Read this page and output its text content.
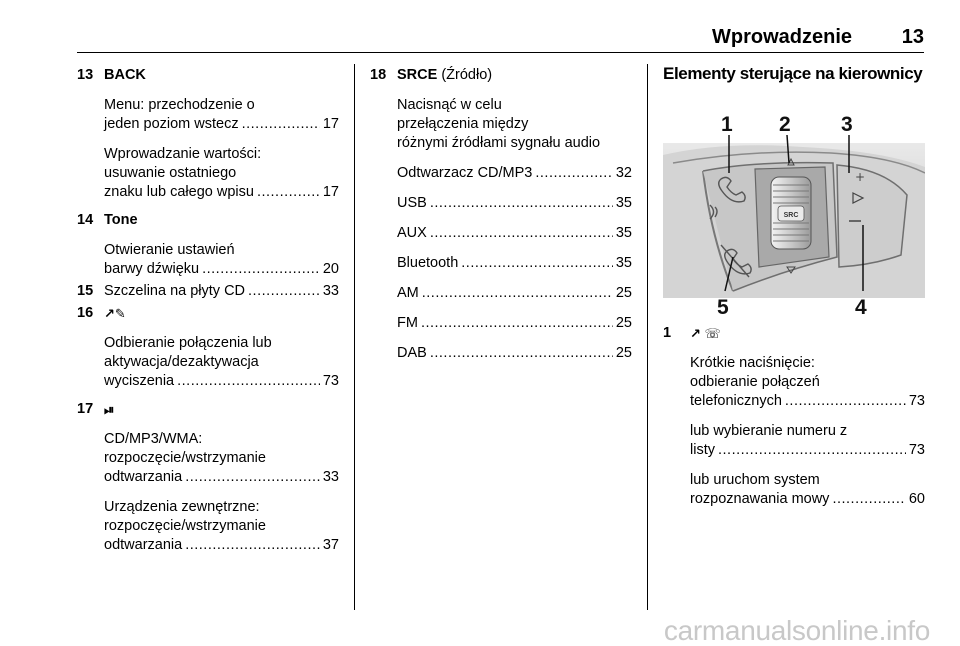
Wprowadzenie 13
13 BACK
Menu: przechodzenie o
jeden poziom wstecz .....	17
Wprowadzanie wartości:
usuwanie ostatniego
znaku lub całego wpisu .....	17
14 Tone
Otwieranie ustawień
barwy dźwięku .....	20
15 Szczelina na płyty CD .....	33
16 ↗✎
Odbieranie połączenia lub
aktywacja/dezaktywacja
wyciszenia .....	73
17 ⏯
CD/MP3/WMA:
rozpoczęcie/wstrzymanie
odtwarzania .....	33
Urządzenia zewnętrzne:
rozpoczęcie/wstrzymanie
odtwarzania .....	37
18 SRCE (Źródło)
Nacisnąć w celu
przełączenia między
różnymi źródłami sygnału audio
Odtwarzacz CD/MP3 .....	32
USB .....	35
AUX .....	35
Bluetooth .....	35
AM .....	25
FM .....	25
DAB .....	25
Elementy sterujące na kierownicy
SRC
+
1 2 3
4
5
1 ↗ ☏
Krótkie naciśnięcie:
odbieranie połączeń
telefonicznych .....	73
lub wybieranie numeru z
listy .....	73
lub uruchom system
rozpoznawania mowy .....	60
carmanualsonline.info
